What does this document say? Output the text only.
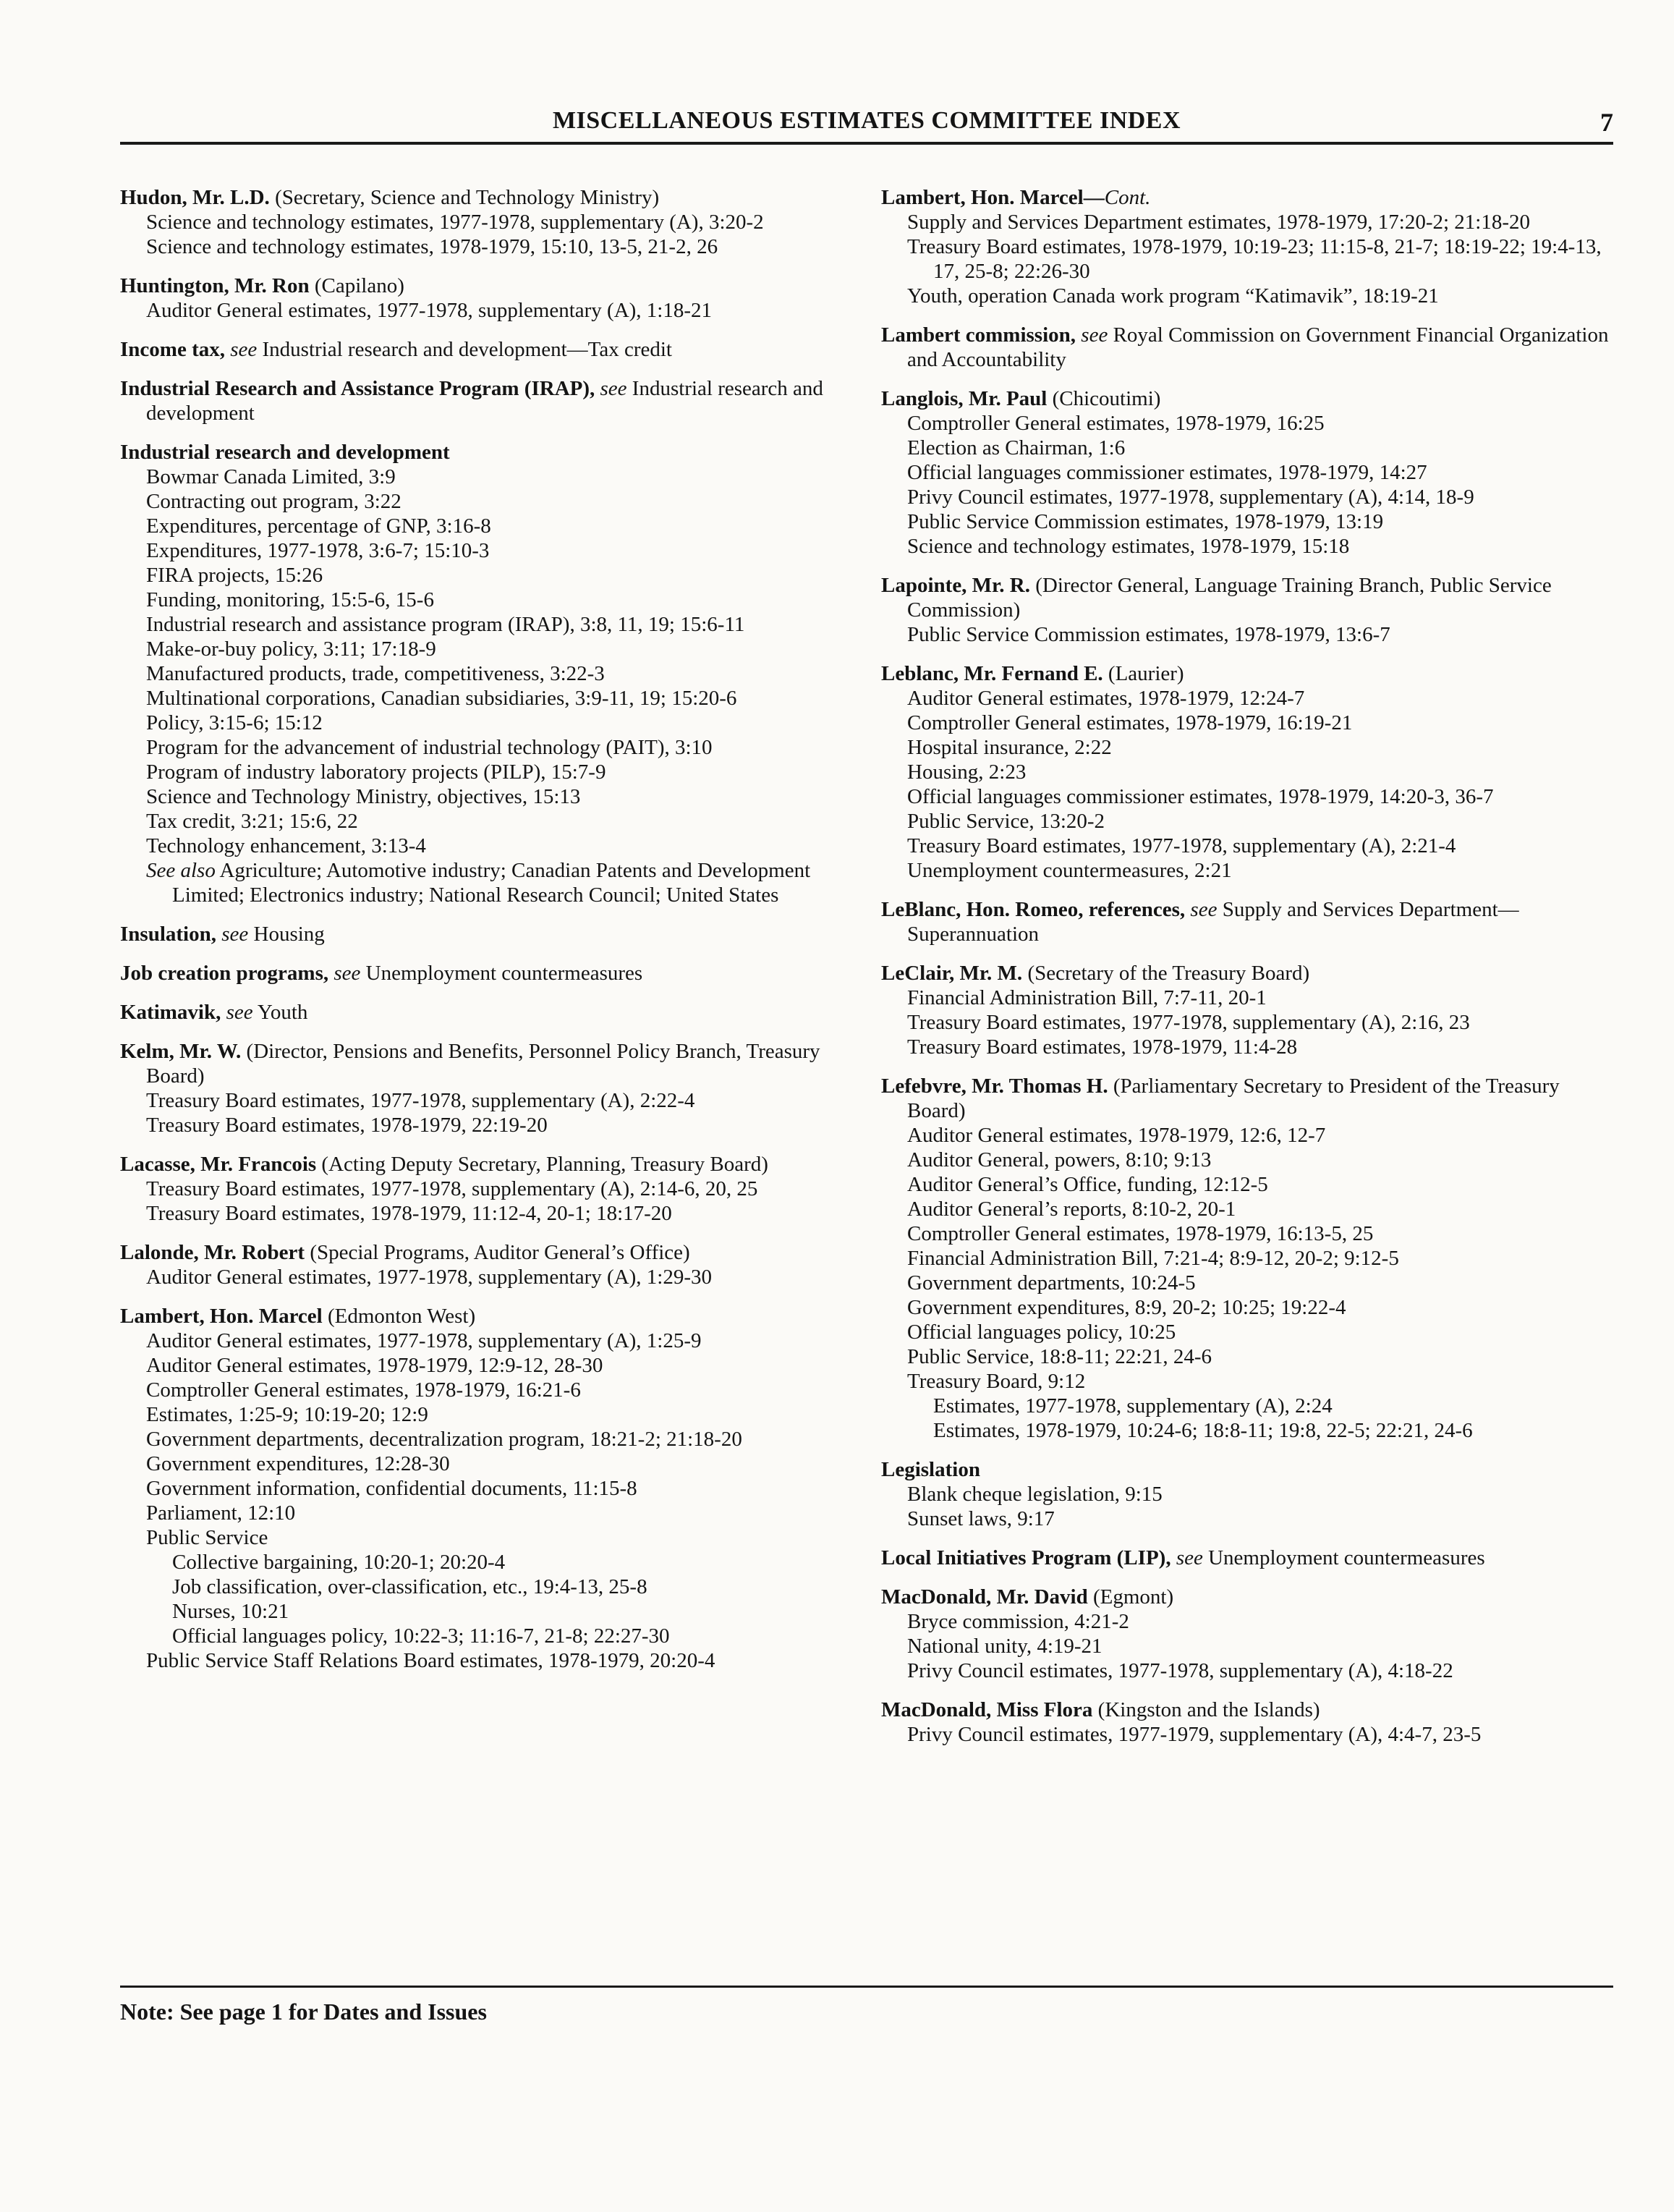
MISCELLANEOUS ESTIMATES COMMITTEE INDEX	7
Hudon, Mr. L.D. (Secretary, Science and Technology Ministry)
Science and technology estimates, 1977-1978, supplementary (A), 3:20-2
Science and technology estimates, 1978-1979, 15:10, 13-5, 21-2, 26
Huntington, Mr. Ron (Capilano)
Auditor General estimates, 1977-1978, supplementary (A), 1:18-21
Income tax, see Industrial research and development—Tax credit
Industrial Research and Assistance Program (IRAP), see Industrial research and development
Industrial research and development
Bowmar Canada Limited, 3:9
Contracting out program, 3:22
Expenditures, percentage of GNP, 3:16-8
Expenditures, 1977-1978, 3:6-7; 15:10-3
FIRA projects, 15:26
Funding, monitoring, 15:5-6, 15-6
Industrial research and assistance program (IRAP), 3:8, 11, 19; 15:6-11
Make-or-buy policy, 3:11; 17:18-9
Manufactured products, trade, competitiveness, 3:22-3
Multinational corporations, Canadian subsidiaries, 3:9-11, 19; 15:20-6
Policy, 3:15-6; 15:12
Program for the advancement of industrial technology (PAIT), 3:10
Program of industry laboratory projects (PILP), 15:7-9
Science and Technology Ministry, objectives, 15:13
Tax credit, 3:21; 15:6, 22
Technology enhancement, 3:13-4
See also Agriculture; Automotive industry; Canadian Patents and Development Limited; Electronics industry; National Research Council; United States
Insulation, see Housing
Job creation programs, see Unemployment countermeasures
Katimavik, see Youth
Kelm, Mr. W. (Director, Pensions and Benefits, Personnel Policy Branch, Treasury Board)
Treasury Board estimates, 1977-1978, supplementary (A), 2:22-4
Treasury Board estimates, 1978-1979, 22:19-20
Lacasse, Mr. Francois (Acting Deputy Secretary, Planning, Treasury Board)
Treasury Board estimates, 1977-1978, supplementary (A), 2:14-6, 20, 25
Treasury Board estimates, 1978-1979, 11:12-4, 20-1; 18:17-20
Lalonde, Mr. Robert (Special Programs, Auditor General’s Office)
Auditor General estimates, 1977-1978, supplementary (A), 1:29-30
Lambert, Hon. Marcel (Edmonton West)
Auditor General estimates, 1977-1978, supplementary (A), 1:25-9
Auditor General estimates, 1978-1979, 12:9-12, 28-30
Comptroller General estimates, 1978-1979, 16:21-6
Estimates, 1:25-9; 10:19-20; 12:9
Government departments, decentralization program, 18:21-2; 21:18-20
Government expenditures, 12:28-30
Government information, confidential documents, 11:15-8
Parliament, 12:10
Public Service
Collective bargaining, 10:20-1; 20:20-4
Job classification, over-classification, etc., 19:4-13, 25-8
Nurses, 10:21
Official languages policy, 10:22-3; 11:16-7, 21-8; 22:27-30
Public Service Staff Relations Board estimates, 1978-1979, 20:20-4
Lambert, Hon. Marcel—Cont.
Supply and Services Department estimates, 1978-1979, 17:20-2; 21:18-20
Treasury Board estimates, 1978-1979, 10:19-23; 11:15-8, 21-7; 18:19-22; 19:4-13, 17, 25-8; 22:26-30
Youth, operation Canada work program “Katimavik”, 18:19-21
Lambert commission, see Royal Commission on Government Financial Organization and Accountability
Langlois, Mr. Paul (Chicoutimi)
Comptroller General estimates, 1978-1979, 16:25
Election as Chairman, 1:6
Official languages commissioner estimates, 1978-1979, 14:27
Privy Council estimates, 1977-1978, supplementary (A), 4:14, 18-9
Public Service Commission estimates, 1978-1979, 13:19
Science and technology estimates, 1978-1979, 15:18
Lapointe, Mr. R. (Director General, Language Training Branch, Public Service Commission)
Public Service Commission estimates, 1978-1979, 13:6-7
Leblanc, Mr. Fernand E. (Laurier)
Auditor General estimates, 1978-1979, 12:24-7
Comptroller General estimates, 1978-1979, 16:19-21
Hospital insurance, 2:22
Housing, 2:23
Official languages commissioner estimates, 1978-1979, 14:20-3, 36-7
Public Service, 13:20-2
Treasury Board estimates, 1977-1978, supplementary (A), 2:21-4
Unemployment countermeasures, 2:21
LeBlanc, Hon. Romeo, references, see Supply and Services Department—Superannuation
LeClair, Mr. M. (Secretary of the Treasury Board)
Financial Administration Bill, 7:7-11, 20-1
Treasury Board estimates, 1977-1978, supplementary (A), 2:16, 23
Treasury Board estimates, 1978-1979, 11:4-28
Lefebvre, Mr. Thomas H. (Parliamentary Secretary to President of the Treasury Board)
Auditor General estimates, 1978-1979, 12:6, 12-7
Auditor General, powers, 8:10; 9:13
Auditor General’s Office, funding, 12:12-5
Auditor General’s reports, 8:10-2, 20-1
Comptroller General estimates, 1978-1979, 16:13-5, 25
Financial Administration Bill, 7:21-4; 8:9-12, 20-2; 9:12-5
Government departments, 10:24-5
Government expenditures, 8:9, 20-2; 10:25; 19:22-4
Official languages policy, 10:25
Public Service, 18:8-11; 22:21, 24-6
Treasury Board, 9:12
Estimates, 1977-1978, supplementary (A), 2:24
Estimates, 1978-1979, 10:24-6; 18:8-11; 19:8, 22-5; 22:21, 24-6
Legislation
Blank cheque legislation, 9:15
Sunset laws, 9:17
Local Initiatives Program (LIP), see Unemployment countermeasures
MacDonald, Mr. David (Egmont)
Bryce commission, 4:21-2
National unity, 4:19-21
Privy Council estimates, 1977-1978, supplementary (A), 4:18-22
MacDonald, Miss Flora (Kingston and the Islands)
Privy Council estimates, 1977-1979, supplementary (A), 4:4-7, 23-5
Note: See page 1 for Dates and Issues
